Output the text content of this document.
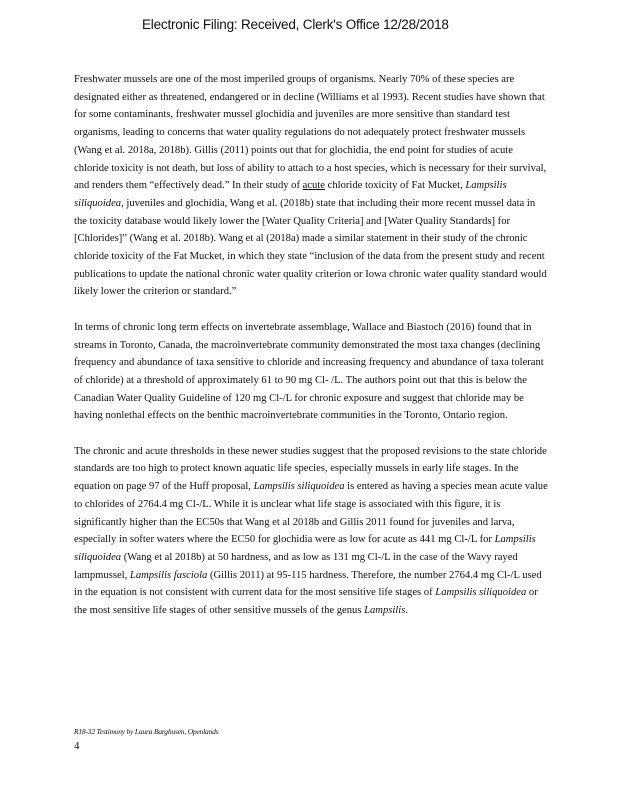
Electronic Filing: Received, Clerk's Office 12/28/2018

Freshwater mussels are one of the most imperiled groups of organisms. Nearly 70% of these species are designated either as threatened, endangered or in decline (Williams et al 1993). Recent studies have shown that for some contaminants, freshwater mussel glochidia and juveniles are more sensitive than standard test organisms, leading to concerns that water quality regulations do not adequately protect freshwater mussels (Wang et al. 2018a, 2018b). Gillis (2011) points out that for glochidia, the end point for studies of acute chloride toxicity is not death, but loss of ability to attach to a host species, which is necessary for their survival, and renders them “effectively dead.” In their study of acute chloride toxicity of Fat Mucket, Lampsilis siliquoidea, juveniles and glochidia, Wang et al. (2018b) state that including their more recent mussel data in the toxicity database would likely lower the [Water Quality Criteria] and [Water Quality Standards] for [Chlorides]” (Wang et al. 2018b). Wang et al (2018a) made a similar statement in their study of the chronic chloride toxicity of the Fat Mucket, in which they state “inclusion of the data from the present study and recent publications to update the national chronic water quality criterion or Iowa chronic water quality standard would likely lower the criterion or standard.”

In terms of chronic long term effects on invertebrate assemblage, Wallace and Biastoch (2016) found that in streams in Toronto, Canada, the macroinvertebrate community demonstrated the most taxa changes (declining frequency and abundance of taxa sensitive to chloride and increasing frequency and abundance of taxa tolerant of chloride) at a threshold of approximately 61 to 90 mg Cl- /L. The authors point out that this is below the Canadian Water Quality Guideline of 120 mg Cl-/L for chronic exposure and suggest that chloride may be having nonlethal effects on the benthic macroinvertebrate communities in the Toronto, Ontario region.

The chronic and acute thresholds in these newer studies suggest that the proposed revisions to the state chloride standards are too high to protect known aquatic life species, especially mussels in early life stages. In the equation on page 97 of the Huff proposal, Lampsilis siliquoidea is entered as having a species mean acute value to chlorides of 2764.4 mg Cl-/L. While it is unclear what life stage is associated with this figure, it is significantly higher than the EC50s that Wang et al 2018b and Gillis 2011 found for juveniles and larva, especially in softer waters where the EC50 for glochidia were as low for acute as 441 mg Cl-/L for Lampsilis siliquoidea (Wang et al 2018b) at 50 hardness, and as low as 131 mg Cl-/L in the case of the Wavy rayed lampmussel, Lampsilis fasciola (Gillis 2011) at 95-115 hardness. Therefore, the number 2764.4 mg Cl-/L used in the equation is not consistent with current data for the most sensitive life stages of Lampsilis siliquoidea or the most sensitive life stages of other sensitive mussels of the genus Lampsilis.

R18-32 Testimony by Laura Barghusen, Openlands
4
